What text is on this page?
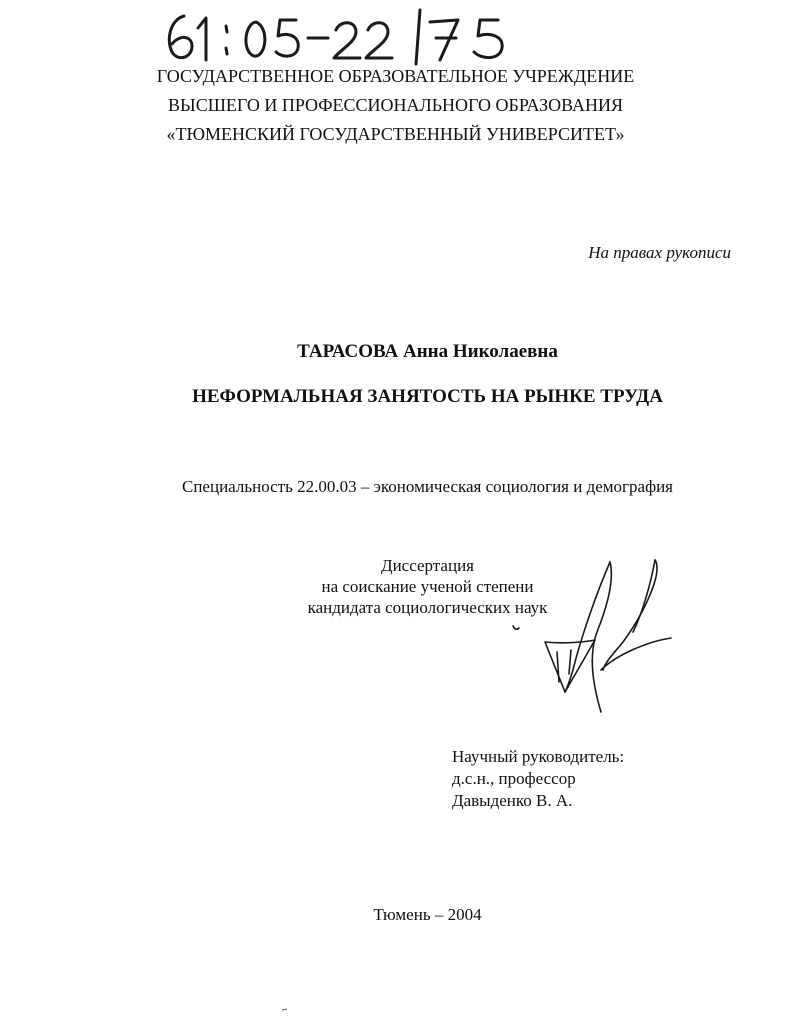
ГОСУДАРСТВЕННОЕ ОБРАЗОВАТЕЛЬНОЕ УЧРЕЖДЕНИЕ
ВЫСШЕГО И ПРОФЕССИОНАЛЬНОГО ОБРАЗОВАНИЯ
«ТЮМЕНСКИЙ ГОСУДАРСТВЕННЫЙ УНИВЕРСИТЕТ»
На правах рукописи
ТАРАСОВА Анна Николаевна
НЕФОРМАЛЬНАЯ ЗАНЯТОСТЬ НА РЫНКЕ ТРУДА
Специальность 22.00.03 – экономическая социология и демография
Диссертация
на соискание ученой степени
кандидата социологических наук
Научный руководитель:
д.с.н., профессор
Давыденко В. А.
Тюмень – 2004
